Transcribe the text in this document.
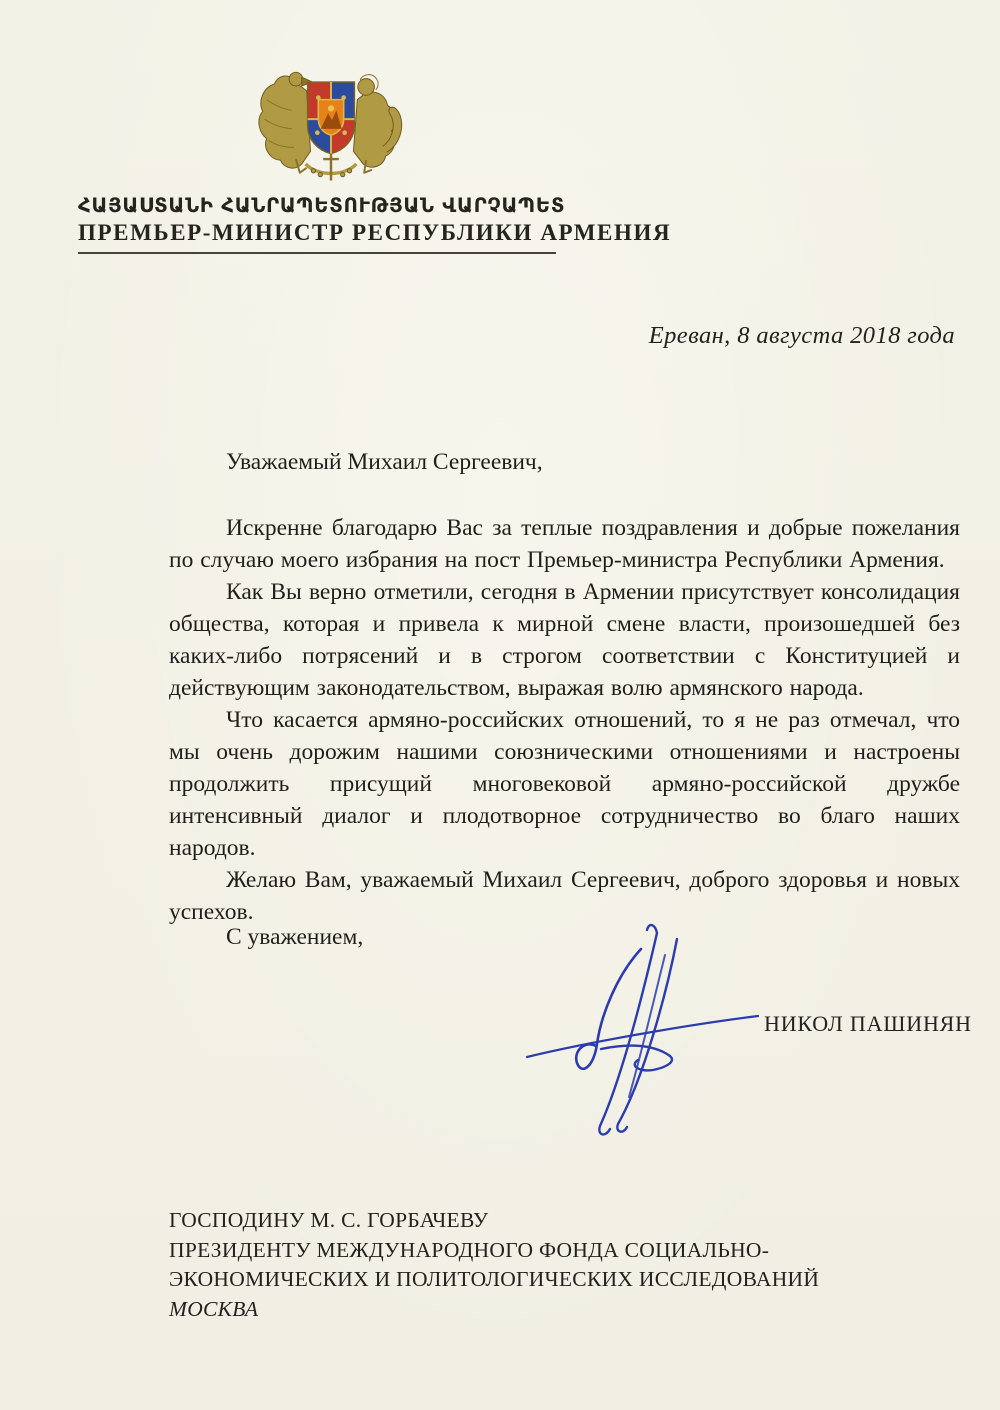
ՀԱՅԱՍՏԱՆԻ ՀԱՆՐԱՊԵՏՈՒԹՅԱՆ ՎԱՐՉԱՊԵՏ
ПРЕМЬЕР-МИНИСТР РЕСПУБЛИКИ АРМЕНИЯ
Ереван, 8 августа 2018 года
Уважаемый Михаил Сергеевич,

Искренне благодарю Вас за теплые поздравления и добрые пожелания по случаю моего избрания на пост Премьер-министра Республики Армения.

Как Вы верно отметили, сегодня в Армении присутствует консолидация общества, которая и привела к мирной смене власти, произошедшей без каких-либо потрясений и в строгом соответствии с Конституцией и действующим законодательством, выражая волю армянского народа.

Что касается армяно-российских отношений, то я не раз отмечал, что мы очень дорожим нашими союзническими отношениями и настроены продолжить присущий многовековой армяно-российской дружбе интенсивный диалог и плодотворное сотрудничество во благо наших народов.

Желаю Вам, уважаемый Михаил Сергеевич, доброго здоровья и новых успехов.

С уважением,
НИКОЛ ПАШИНЯН
ГОСПОДИНУ М. С. ГОРБАЧЕВУ
ПРЕЗИДЕНТУ МЕЖДУНАРОДНОГО ФОНДА СОЦИАЛЬНО-
ЭКОНОМИЧЕСКИХ И ПОЛИТОЛОГИЧЕСКИХ ИССЛЕДОВАНИЙ
МОСКВА
